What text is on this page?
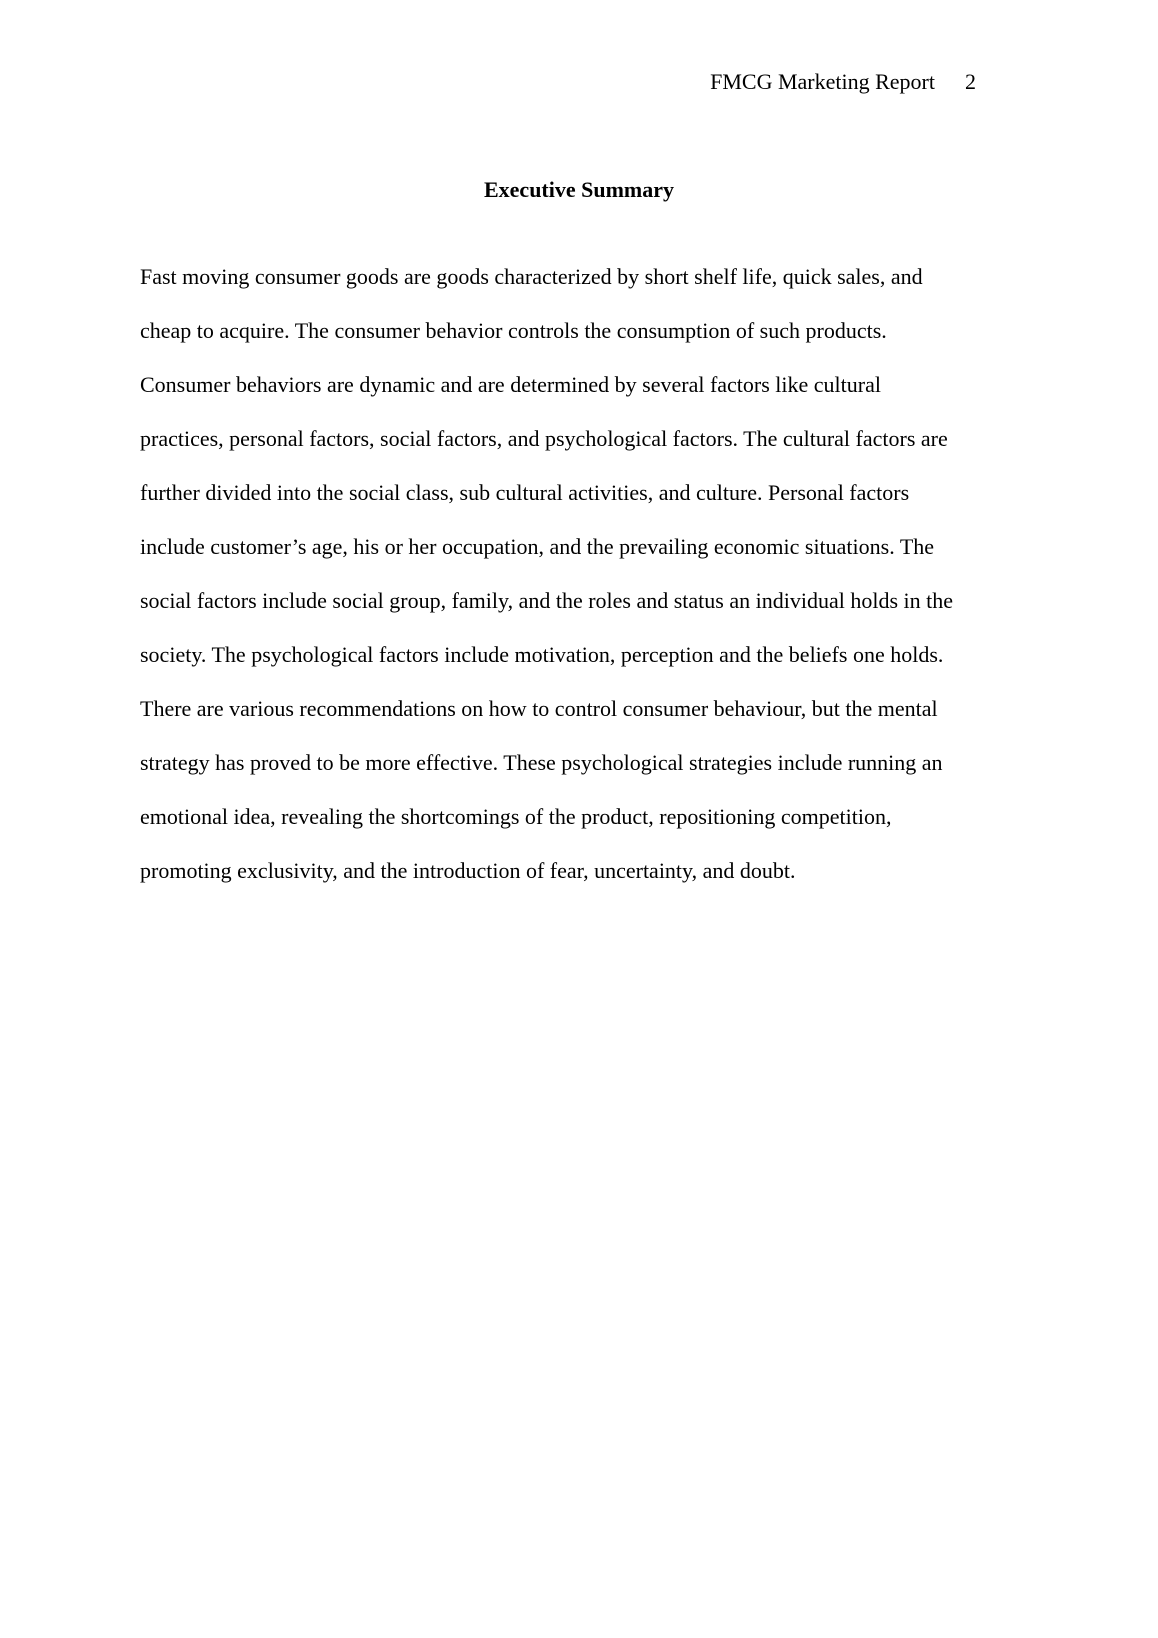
FMCG Marketing Report 2
Executive Summary

Fast moving consumer goods are goods characterized by short shelf life, quick sales, and
cheap to acquire. The consumer behavior controls the consumption of such products.
Consumer behaviors are dynamic and are determined by several factors like cultural
practices, personal factors, social factors, and psychological factors. The cultural factors are
further divided into the social class, sub cultural activities, and culture. Personal factors
include customer’s age, his or her occupation, and the prevailing economic situations. The
social factors include social group, family, and the roles and status an individual holds in the
society. The psychological factors include motivation, perception and the beliefs one holds.
There are various recommendations on how to control consumer behaviour, but the mental
strategy has proved to be more effective. These psychological strategies include running an
emotional idea, revealing the shortcomings of the product, repositioning competition,
promoting exclusivity, and the introduction of fear, uncertainty, and doubt.
